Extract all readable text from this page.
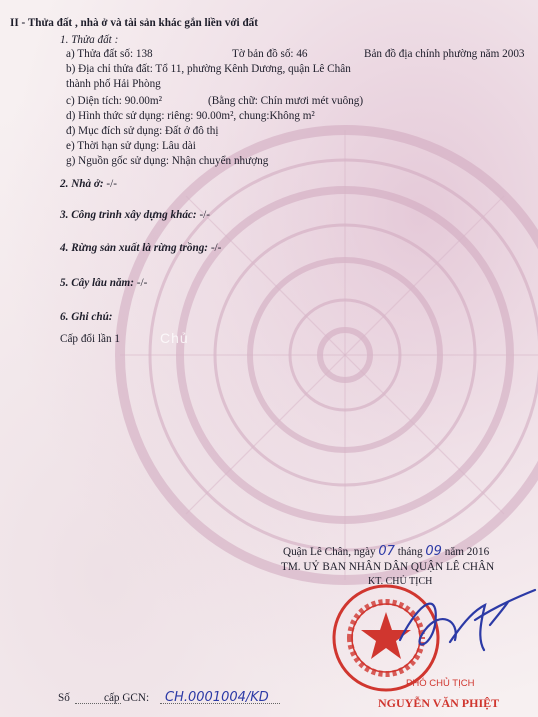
II - Thửa đất , nhà ở và tài sản khác gắn liền với đất
1. Thửa đất :
a) Thửa đất số: 138	Tờ bản đồ số: 46	Bản đồ địa chính phường năm 2003
b) Địa chỉ thửa đất: Tổ 11, phường Kênh Dương, quận Lê Chân
thành phố Hải Phòng
c) Diện tích: 90.00m²	(Bằng chữ: Chín mươi mét vuông)
d) Hình thức sử dụng: riêng: 90.00m², chung:Không m²
đ) Mục đích sử dụng: Đất ở đô thị
e) Thời hạn sử dụng: Lâu dài
g) Nguồn gốc sử dụng: Nhận chuyển nhượng
2. Nhà ở: -/-
3. Công trình xây dựng khác: -/-
4. Rừng sản xuất là rừng trồng: -/-
5. Cây lâu năm: -/-
6. Ghi chú:
Cấp đổi lần 1	Chủ
Quận Lê Chân, ngày 07 tháng 09 năm 2016
TM. UỶ BAN NHÂN DÂN QUẬN LÊ CHÂN
KT. CHỦ TỊCH
PHÓ CHỦ TỊCH
NGUYỄN VĂN PHIỆT
Số	cấp GCN: CH.0001004/KD
